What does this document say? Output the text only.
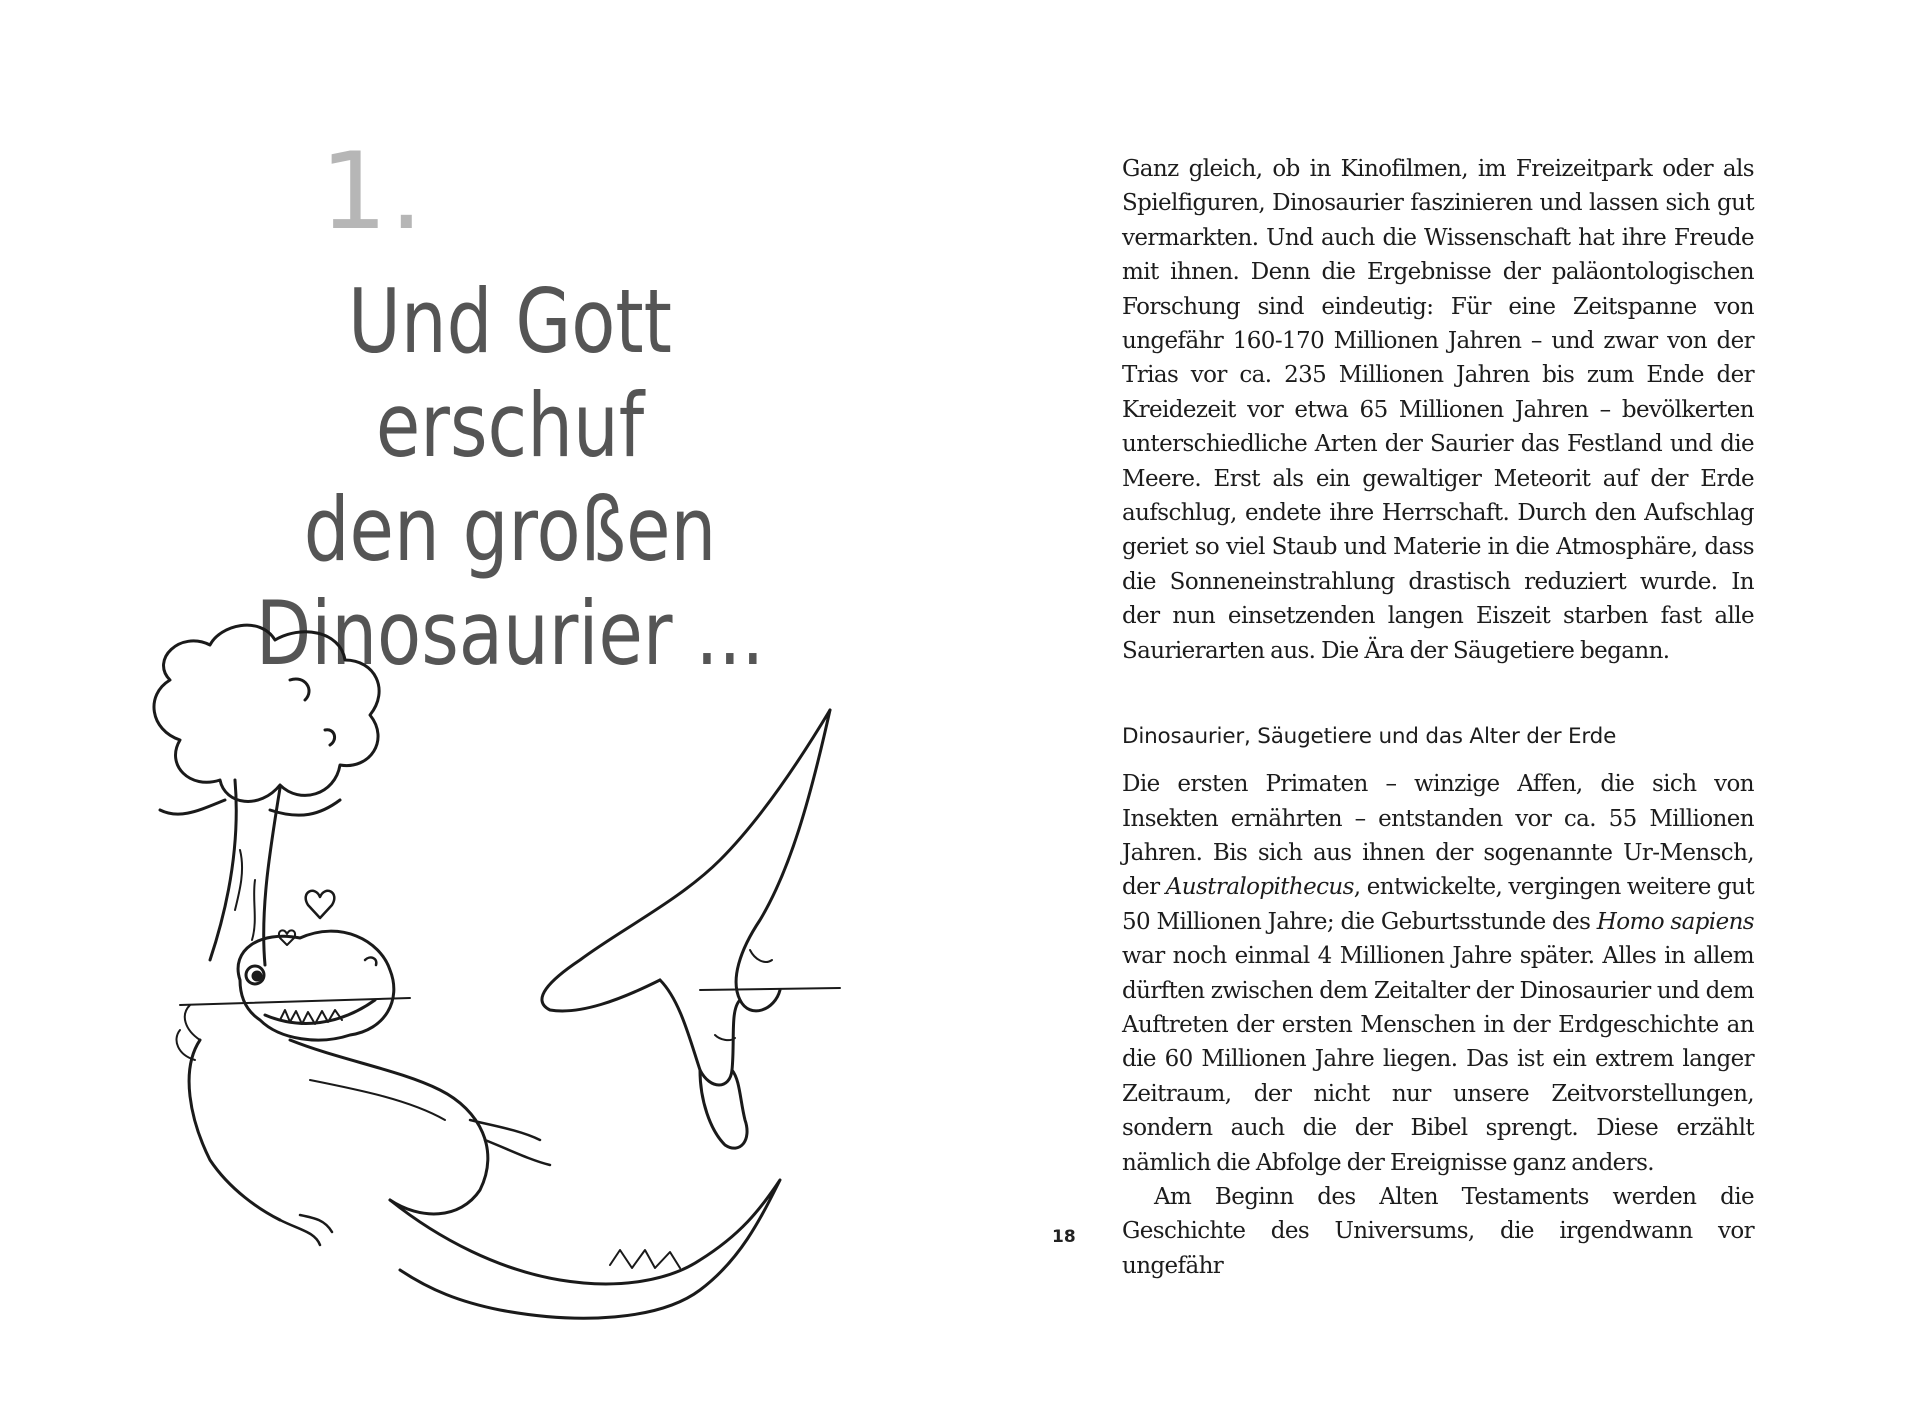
1.
Und Gott erschuf
den großen
Dinosaurier ...
18

Ganz gleich, ob in Kinofilmen, im Freizeitpark oder als Spielfiguren, Dinosaurier faszinieren und lassen sich gut vermarkten. Und auch die Wissenschaft hat ihre Freude mit ihnen. Denn die Ergebnisse der paläontologischen Forschung sind eindeutig: Für eine Zeitspanne von ungefähr 160-170 Millionen Jahren – und zwar von der Trias vor ca. 235 Millionen Jahren bis zum Ende der Kreidezeit vor etwa 65 Millionen Jahren – bevölkerten unterschiedliche Arten der Saurier das Festland und die Meere. Erst als ein gewaltiger Meteorit auf der Erde aufschlug, endete ihre Herrschaft. Durch den Aufschlag geriet so viel Staub und Materie in die Atmosphäre, dass die Sonneneinstrahlung drastisch reduziert wurde. In der nun einsetzenden langen Eiszeit starben fast alle Saurierarten aus. Die Ära der Säugetiere begann.

Dinosaurier, Säugetiere und das Alter der Erde

Die ersten Primaten – winzige Affen, die sich von Insekten ernährten – entstanden vor ca. 55 Millionen Jahren. Bis sich aus ihnen der sogenannte Ur-Mensch, der Australopithecus, entwickelte, vergingen weitere gut 50 Millionen Jahre; die Geburtsstunde des Homo sapiens war noch einmal 4 Millionen Jahre später. Alles in allem dürften zwischen dem Zeitalter der Dinosaurier und dem Auftreten der ersten Menschen in der Erdgeschichte an die 60 Millionen Jahre liegen. Das ist ein extrem langer Zeitraum, der nicht nur unsere Zeitvorstellungen, sondern auch die der Bibel sprengt. Diese erzählt nämlich die Abfolge der Ereignisse ganz anders.

Am Beginn des Alten Testaments werden die Geschichte des Universums, die irgendwann vor ungefähr
